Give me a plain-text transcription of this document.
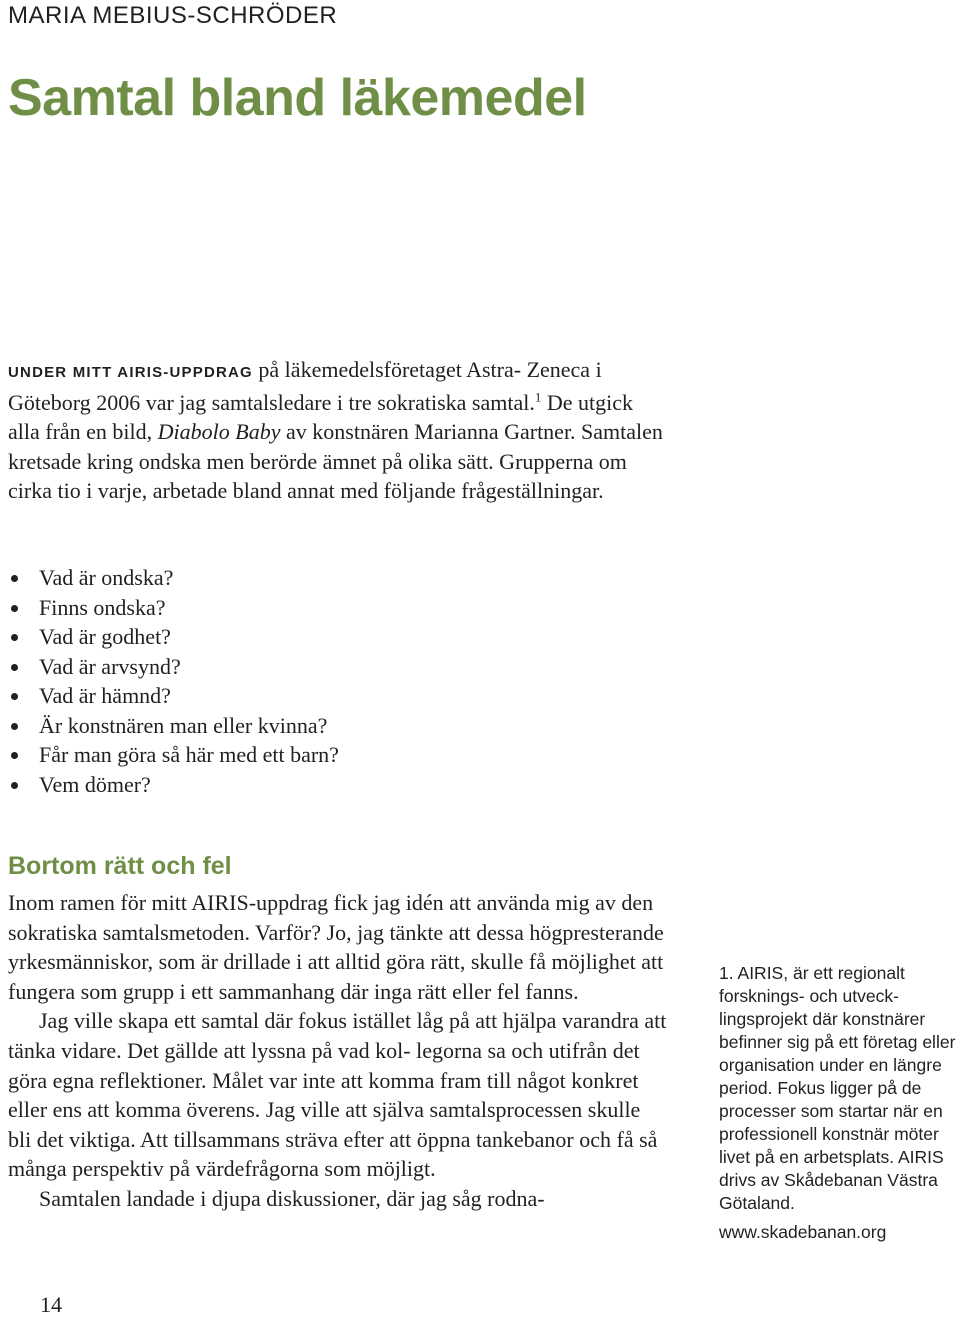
MARIA MEBIUS-SCHRÖDER
Samtal bland läkemedel

UNDER MITT AIRIS-UPPDRAG på läkemedelsföretaget Astra- Zeneca i Göteborg 2006 var jag samtalsledare i tre sokratiska samtal.$^1$ De utgick alla från en bild, Diabolo Baby av konstnären Marianna Gartner. Samtalen kretsade kring ondska men berörde ämnet på olika sätt. Grupperna om cirka tio i varje, arbetade bland annat med följande frågeställningar.

Vad är ondska?
Finns ondska?
Vad är godhet?
Vad är arvsynd?
Vad är hämnd?
Är konstnären man eller kvinna?
Får man göra så här med ett barn?
Vem dömer?
Bortom rätt och fel

Inom ramen för mitt AIRIS-uppdrag fick jag idén att använda mig av den sokratiska samtalsmetoden. Varför? Jo, jag tänkte att dessa högpresterande yrkesmänniskor, som är drillade i att alltid göra rätt, skulle få möjlighet att fungera som grupp i ett sammanhang där inga rätt eller fel fanns.

Jag ville skapa ett samtal där fokus istället låg på att hjälpa varandra att tänka vidare. Det gällde att lyssna på vad kol- legorna sa och utifrån det göra egna reflektioner. Målet var inte att komma fram till något konkret eller ens att komma överens. Jag ville att själva samtalsprocessen skulle bli det viktiga. Att tillsammans sträva efter att öppna tankebanor och få så många perspektiv på värdefrågorna som möjligt.

Samtalen landade i djupa diskussioner, där jag såg rodna-

14

1. AIRIS, är ett regionalt forsknings- och utveck- lingsprojekt där konstnärer befinner sig på ett företag eller organisation under en längre period. Fokus ligger på de processer som startar när en professionell konstnär möter livet på en arbetsplats. AIRIS drivs av Skådebanan Västra Götaland.

www.skadebanan.org
